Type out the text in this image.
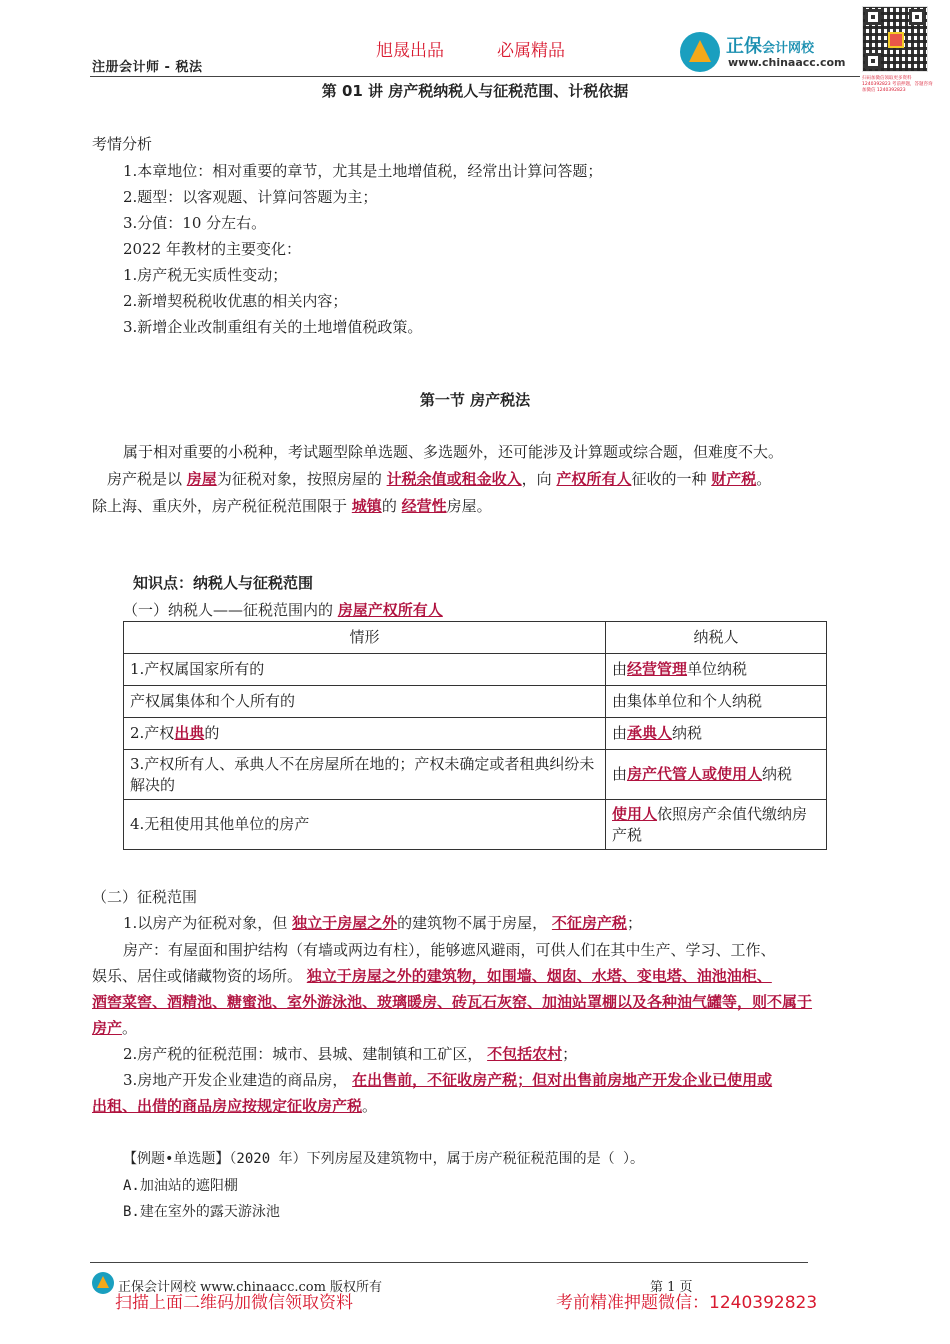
旭晟出品	必属精品
注册会计师 - 税法
正保会计网校
www.chinaacc.com
扫码加微信领取更多资料 1240392823 考前押题，答题咨询加微信 1240392823
第 01 讲 房产税纳税人与征税范围、计税依据
考情分析
1.本章地位：相对重要的章节，尤其是土地增值税，经常出计算问答题；
2.题型：以客观题、计算问答题为主；
3.分值：10 分左右。
2022 年教材的主要变化：
1.房产税无实质性变动；
2.新增契税税收优惠的相关内容；
3.新增企业改制重组有关的土地增值税政策。
第一节 房产税法
属于相对重要的小税种，考试题型除单选题、多选题外，还可能涉及计算题或综合题，但难度不大。
房产税是以 房屋为征税对象，按照房屋的 计税余值或租金收入，向 产权所有人征收的一种 财产税。
除上海、重庆外，房产税征税范围限于 城镇的 经营性房屋。
知识点：纳税人与征税范围
（一）纳税人——征税范围内的 房屋产权所有人
情形	纳税人
1.产权属国家所有的	由经营管理单位纳税
产权属集体和个人所有的	由集体单位和个人纳税
2.产权出典的	由承典人纳税
3.产权所有人、承典人不在房屋所在地的；产权未确定或者租典纠纷未解决的	由房产代管人或使用人纳税
4.无租使用其他单位的房产	使用人依照房产余值代缴纳房产税
（二）征税范围
1.以房产为征税对象，但 独立于房屋之外的建筑物不属于房屋， 不征房产税；
房产：有屋面和围护结构（有墙或两边有柱），能够遮风避雨，可供人们在其中生产、学习、工作、
娱乐、居住或储藏物资的场所。 独立于房屋之外的建筑物，如围墙、烟囱、水塔、变电塔、油池油柜、
酒窖菜窖、酒精池、糖蜜池、室外游泳池、玻璃暖房、砖瓦石灰窑、加油站罩棚以及各种油气罐等，则不属于
房产。
2.房产税的征税范围：城市、县城、建制镇和工矿区， 不包括农村；
3.房地产开发企业建造的商品房， 在出售前，不征收房产税；但对出售前房地产开发企业已使用或
出租、出借的商品房应按规定征收房产税。
【例题•单选题】（2020 年）下列房屋及建筑物中，属于房产税征税范围的是（ ）。
A.加油站的遮阳棚
B.建在室外的露天游泳池
正保会计网校 www.chinaacc.com 版权所有	第 1 页
扫描上面二维码加微信领取资料	考前精准押题微信：1240392823
